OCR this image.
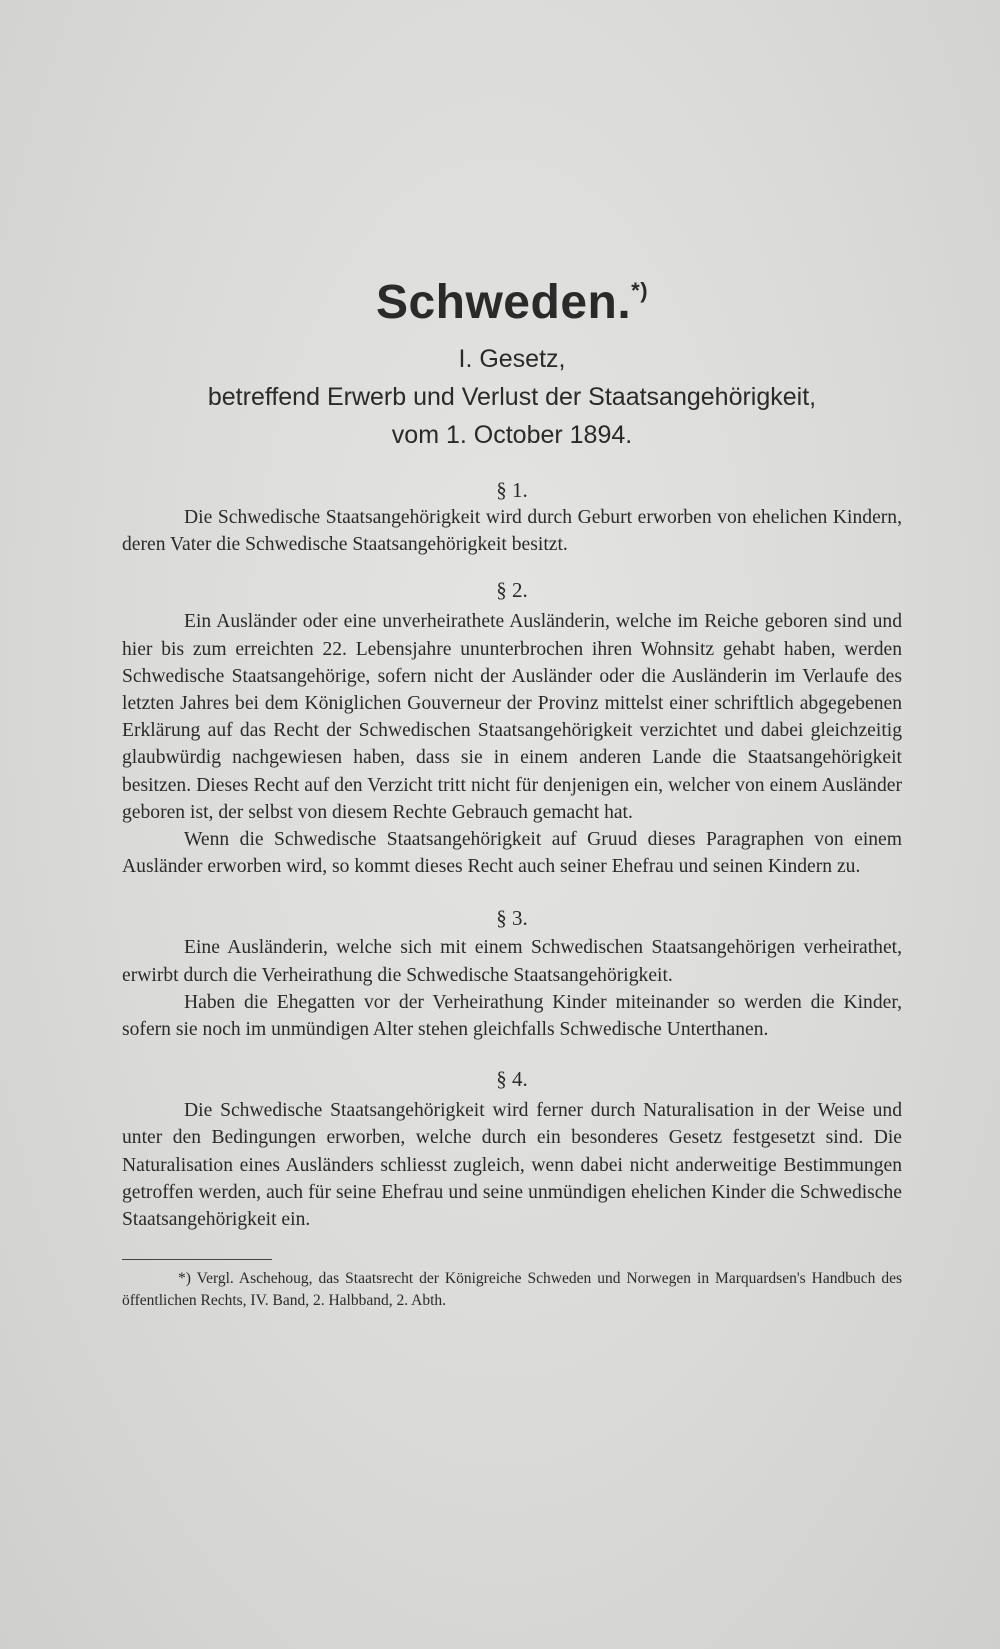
Schweden.*)

I. Gesetz,

betreffend Erwerb und Verlust der Staatsangehörigkeit,

vom 1. October 1894.

§ 1.

Die Schwedische Staatsangehörigkeit wird durch Geburt erworben von ehelichen Kindern, deren Vater die Schwedische Staatsangehörigkeit besitzt.

§ 2.

Ein Ausländer oder eine unverheirathete Ausländerin, welche im Reiche geboren sind und hier bis zum erreichten 22. Lebensjahre ununterbrochen ihren Wohnsitz gehabt haben, werden Schwedische Staatsangehörige, sofern nicht der Ausländer oder die Ausländerin im Verlaufe des letzten Jahres bei dem Königlichen Gouverneur der Provinz mittelst einer schriftlich abgegebenen Erklärung auf das Recht der Schwedischen Staatsangehörigkeit verzichtet und dabei gleichzeitig glaubwürdig nachgewiesen haben, dass sie in einem anderen Lande die Staatsangehörigkeit besitzen. Dieses Recht auf den Verzicht tritt nicht für denjenigen ein, welcher von einem Ausländer geboren ist, der selbst von diesem Rechte Gebrauch gemacht hat.

Wenn die Schwedische Staatsangehörigkeit auf Gruud dieses Paragraphen von einem Ausländer erworben wird, so kommt dieses Recht auch seiner Ehefrau und seinen Kindern zu.

§ 3.

Eine Ausländerin, welche sich mit einem Schwedischen Staatsangehörigen verheirathet, erwirbt durch die Verheirathung die Schwedische Staatsangehörigkeit.

Haben die Ehegatten vor der Verheirathung Kinder miteinander so werden die Kinder, sofern sie noch im unmündigen Alter stehen gleichfalls Schwedische Unterthanen.

§ 4.

Die Schwedische Staatsangehörigkeit wird ferner durch Naturalisation in der Weise und unter den Bedingungen erworben, welche durch ein besonderes Gesetz festgesetzt sind. Die Naturalisation eines Ausländers schliesst zugleich, wenn dabei nicht anderweitige Bestimmungen getroffen werden, auch für seine Ehefrau und seine unmündigen ehelichen Kinder die Schwedische Staatsangehörigkeit ein.

*) Vergl. Aschehoug, das Staatsrecht der Königreiche Schweden und Norwegen in Marquardsen's Handbuch des öffentlichen Rechts, IV. Band, 2. Halbband, 2. Abth.
